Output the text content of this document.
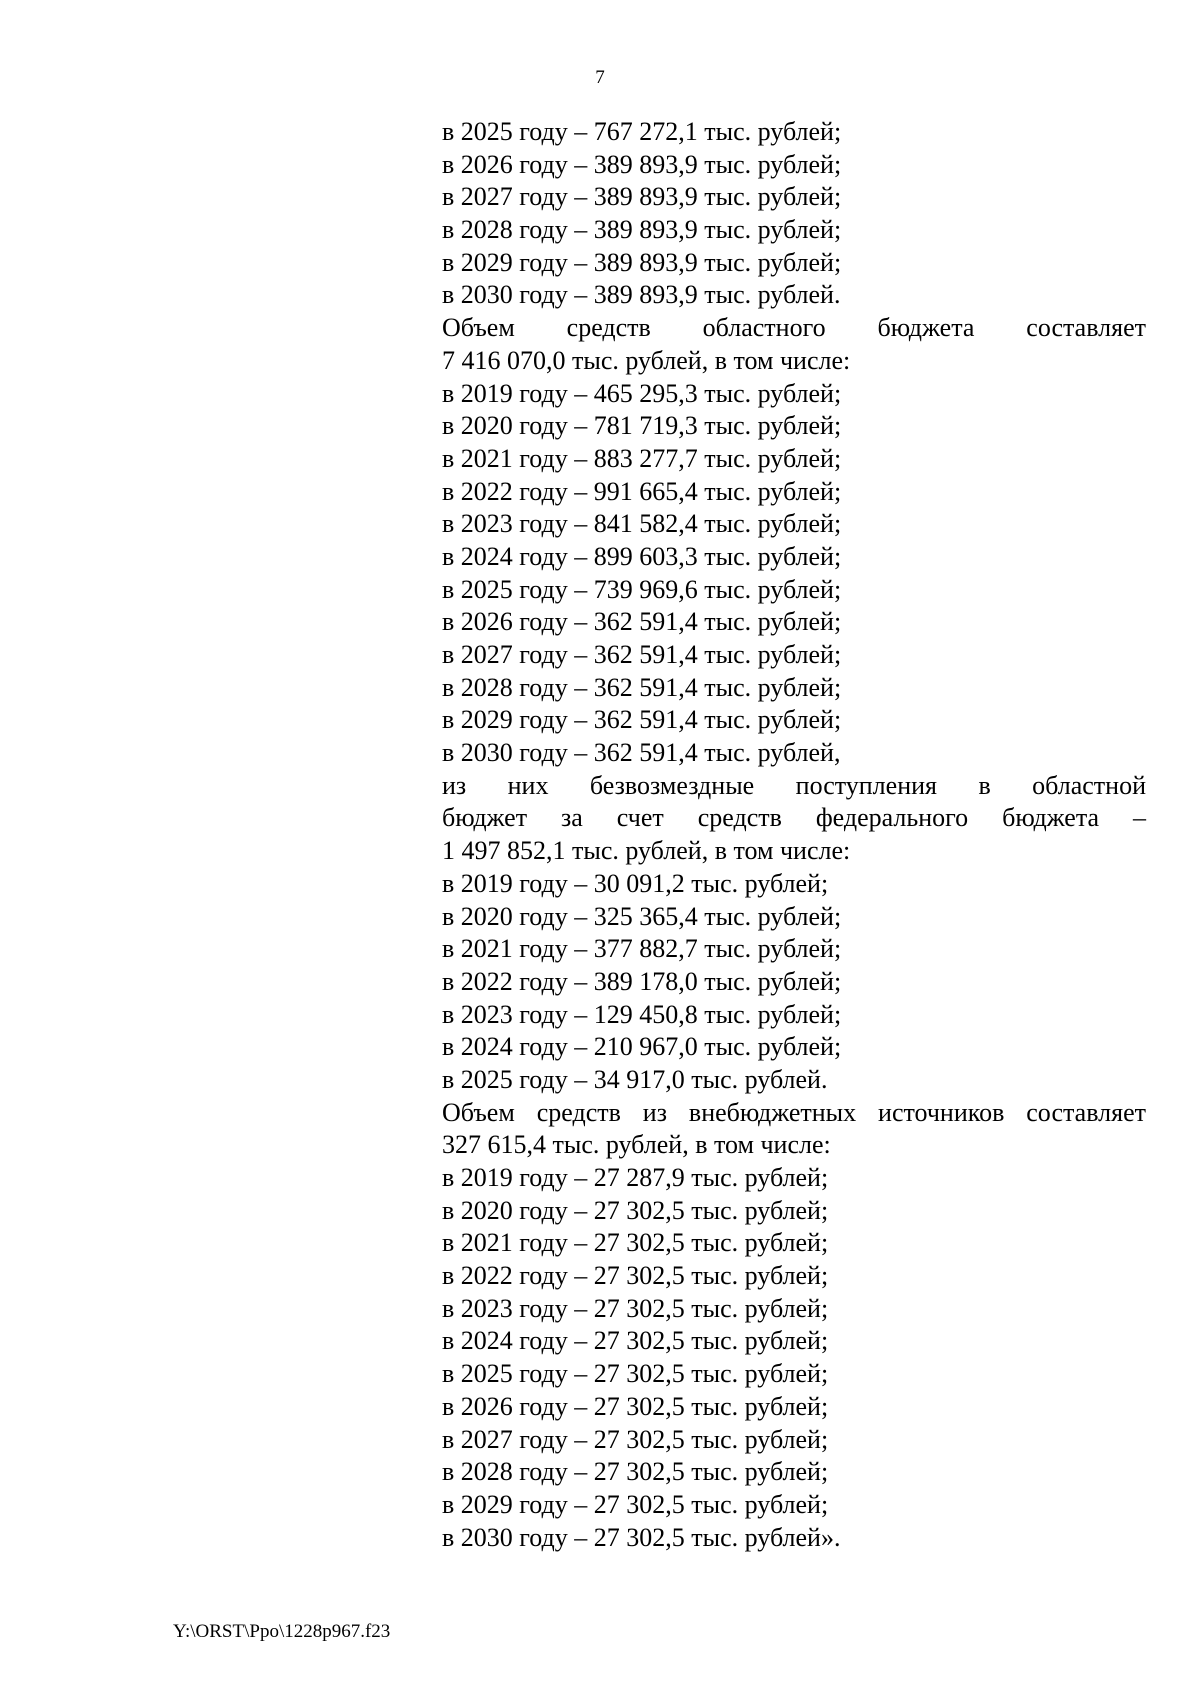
7
в 2025 году – 767 272,1 тыс. рублей;
в 2026 году – 389 893,9 тыс. рублей;
в 2027 году – 389 893,9 тыс. рублей;
в 2028 году – 389 893,9 тыс. рублей;
в 2029 году – 389 893,9 тыс. рублей;
в 2030 году – 389 893,9 тыс. рублей.
Объем средств областного бюджета составляет
7 416 070,0 тыс. рублей, в том числе:
в 2019 году – 465 295,3 тыс. рублей;
в 2020 году – 781 719,3 тыс. рублей;
в 2021 году – 883 277,7 тыс. рублей;
в 2022 году – 991 665,4 тыс. рублей;
в 2023 году – 841 582,4 тыс. рублей;
в 2024 году – 899 603,3 тыс. рублей;
в 2025 году – 739 969,6 тыс. рублей;
в 2026 году – 362 591,4 тыс. рублей;
в 2027 году – 362 591,4 тыс. рублей;
в 2028 году – 362 591,4 тыс. рублей;
в 2029 году – 362 591,4 тыс. рублей;
в 2030 году – 362 591,4 тыс. рублей,
из них безвозмездные поступления в областной
бюджет за счет средств федерального бюджета –
1 497 852,1 тыс. рублей, в том числе:
в 2019 году – 30 091,2 тыс. рублей;
в 2020 году – 325 365,4 тыс. рублей;
в 2021 году – 377 882,7 тыс. рублей;
в 2022 году – 389 178,0 тыс. рублей;
в 2023 году – 129 450,8 тыс. рублей;
в 2024 году – 210 967,0 тыс. рублей;
в 2025 году – 34 917,0 тыс. рублей.
Объем средств из внебюджетных источников составляет
327 615,4 тыс. рублей, в том числе:
в 2019 году – 27 287,9 тыс. рублей;
в 2020 году – 27 302,5 тыс. рублей;
в 2021 году – 27 302,5 тыс. рублей;
в 2022 году – 27 302,5 тыс. рублей;
в 2023 году – 27 302,5 тыс. рублей;
в 2024 году – 27 302,5 тыс. рублей;
в 2025 году – 27 302,5 тыс. рублей;
в 2026 году – 27 302,5 тыс. рублей;
в 2027 году – 27 302,5 тыс. рублей;
в 2028 году – 27 302,5 тыс. рублей;
в 2029 году – 27 302,5 тыс. рублей;
в 2030 году – 27 302,5 тыс. рублей».
Y:\ORST\Ppo\1228p967.f23
